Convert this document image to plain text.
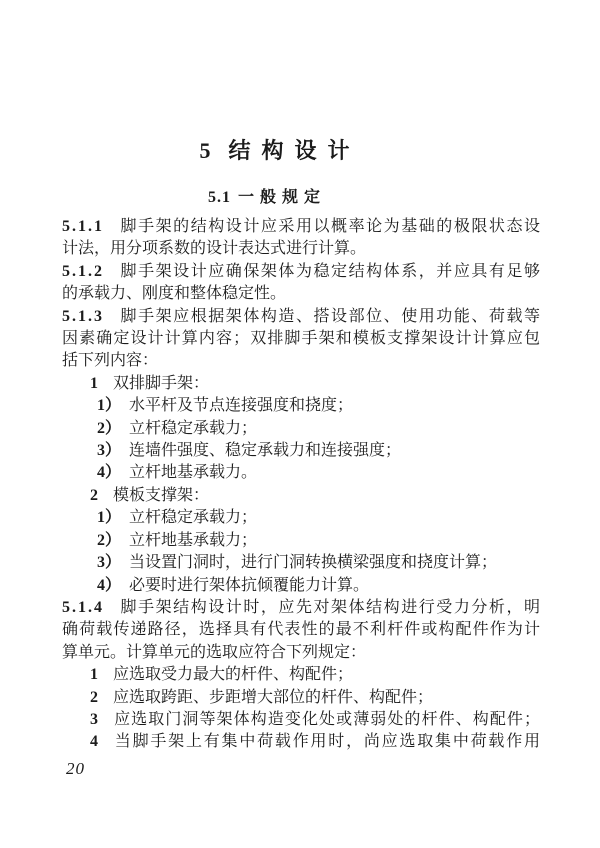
5 结构设计
5.1 一般规定
5.1.1 脚手架的结构设计应采用以概率论为基础的极限状态设
计法，用分项系数的设计表达式进行计算。
5.1.2 脚手架设计应确保架体为稳定结构体系，并应具有足够
的承载力、刚度和整体稳定性。
5.1.3 脚手架应根据架体构造、搭设部位、使用功能、荷载等
因素确定设计计算内容；双排脚手架和模板支撑架设计计算应包
括下列内容：
1 双排脚手架：
1） 水平杆及节点连接强度和挠度；
2） 立杆稳定承载力；
3） 连墙件强度、稳定承载力和连接强度；
4） 立杆地基承载力。
2 模板支撑架：
1） 立杆稳定承载力；
2） 立杆地基承载力；
3） 当设置门洞时，进行门洞转换横梁强度和挠度计算；
4） 必要时进行架体抗倾覆能力计算。
5.1.4 脚手架结构设计时，应先对架体结构进行受力分析，明
确荷载传递路径，选择具有代表性的最不利杆件或构配件作为计
算单元。计算单元的选取应符合下列规定：
1 应选取受力最大的杆件、构配件；
2 应选取跨距、步距增大部位的杆件、构配件；
3 应选取门洞等架体构造变化处或薄弱处的杆件、构配件；
4 当脚手架上有集中荷载作用时，尚应选取集中荷载作用
20
